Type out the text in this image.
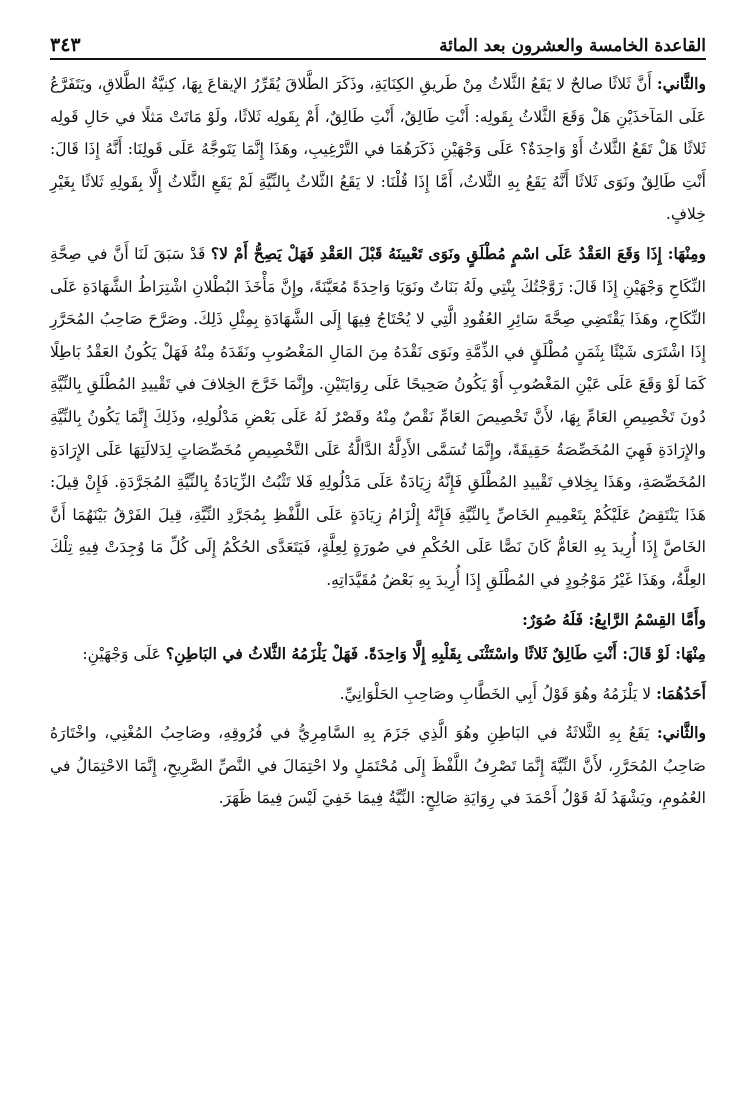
القاعدة الخامسة والعشرون بعد المائة
٣٤٣

والثَّاني: أَنَّ ثَلاثًا صالحٌ لا يَقَعُ الثَّلاثُ مِنْ طَريقِ الكِنَايَةِ، وذَكَرَ الطَّلاقَ يُقَرِّرُ الإيقاعَ بِهَا، كِنيَّةُ الطَّلاقِ، ويَتَفَرَّعُ عَلَى المَآخذَيْنِ هَلْ وَقَعَ الثَّلاثُ بِقَولِه: أَنْتِ طَالِقٌ، أَنْتِ طَالِقٌ، أَمْ بِقَولِه ثَلاثًا، ولَوْ مَاتَتْ مَثلًا في حَالِ قَولِه ثَلاثًا هَلْ تَقَعُ الثَّلاثُ أَوْ وَاحِدَةٌ؟ عَلَى وَجْهَيْنِ ذَكَرَهُمَا في التَّرْغِيبِ، وهَذَا إِنَّمَا يَتَوجَّهُ عَلَى قَولِنَا: أَنَّهُ إِذَا قَالَ: أَنْتِ طَالِقٌ ونَوَى ثَلاثًا أَنَّهُ يَقَعُ بِهِ الثَّلاثُ، أَمَّا إِذَا قُلْنَا: لا يَقَعُ الثَّلاثُ بِالنِّيَّةِ لَمْ يَقَعِ الثَّلاثُ إِلَّا بِقَولِهِ ثَلاثًا بِغَيْرِ خِلافٍ.

ومِنْهَا: إِذَا وَقَعَ العَقْدُ عَلَى اسْمٍ مُطْلَقٍ ونَوَى تَعْيينَهُ قَبْلَ العَقْدِ فَهَلْ يَصِحُّ أَمْ لا؟ قَدْ سَبَقَ لَنَا أَنَّ في صِحَّةِ النِّكَاحِ وَجْهَيْنِ إِذَا قَالَ: زَوَّجْتُكَ بِنْتِي ولَهُ بَنَاتٌ ونَوَيَا وَاحِدَةً مُعَيَّنَةً، وإِنَّ مَأْخَذَ البُطْلانِ اشْتِرَاطُ الشَّهَادَةِ عَلَى النِّكَاحِ، وهَذَا يَقْتَضِي صِحَّةَ سَائِرِ العُقُودِ الَّتِي لا يُحْتَاجُ فِيهَا إِلَى الشَّهَادَةِ بِمِثْلِ ذَلِكَ. وصَرَّحَ صَاحِبُ المُحَرَّرِ إِذَا اشْتَرَى شَيْئًا بِثَمَنٍ مُطْلَقٍ في الذِّمَّةِ ونَوَى نَقْدَهُ مِنَ المَالِ المَغْصُوبِ ونَقَدَهُ مِنْهُ فَهَلْ يَكُونُ العَقْدُ بَاطِلًا كَمَا لَوْ وَقَعَ عَلَى عَيْنِ المَغْصُوبِ أَوْ يَكُونُ صَحِيحًا عَلَى رِوَايَتَيْنِ. وإِنَّمَا خَرَّجَ الخِلافَ في تَقْييدِ المُطْلَقِ بِالنِّيَّةِ دُونَ تَخْصِيصِ العَامِّ بِهَا، لأَنَّ تَخْصِيصَ العَامِّ نَقْصٌ مِنْهُ وقَصْرٌ لَهُ عَلَى بَعْضِ مَدْلُولِهِ، وذَلِكَ إِنَّمَا يَكُونُ بِالنِّيَّةِ والإِرَادَةِ فَهِيَ المُخَصِّصَةُ حَقِيقَةً، وإِنَّمَا تُسَمَّى الأَدِلَّةُ الدَّالَّةُ عَلَى التَّخْصِيصِ مُخَصِّصَاتٍ لِدَلالَتِهَا عَلَى الإِرَادَةِ المُخَصِّصَةِ، وهَذَا بِخِلافِ تَقْييدِ المُطْلَقِ فَإِنَّهُ زِيَادَةٌ عَلَى مَدْلُولِهِ فَلا تَثْبُتُ الزِّيَادَةُ بِالنِّيَّةِ المُجَرَّدَةِ. فَإِنْ قِيلَ: هَذَا يَنْتَقِضُ عَلَيْكُمْ بِتَعْمِيمِ الخَاصِّ بِالنِّيَّةِ فَإِنَّهُ إِلْزَامُ زِيَادَةٍ عَلَى اللَّفْظِ بِمُجَرَّدِ النِّيَّةِ، قِيلَ الفَرْقُ بَيْنَهُمَا أَنَّ الخَاصَّ إِذَا أُرِيدَ بِهِ العَامُّ كَانَ نَصًّا عَلَى الحُكْمِ في صُورَةٍ لِعِلَّةٍ، فَيَتَعَدَّى الحُكْمُ إِلَى كُلِّ مَا وُجِدَتْ فِيهِ تِلْكَ العِلَّةُ، وهَذَا غَيْرُ مَوْجُودٍ في المُطْلَقِ إِذَا أُرِيدَ بِهِ بَعْضُ مُقَيَّدَاتِهِ.

وأَمَّا القِسْمُ الرَّابِعُ: فَلَهُ صُوَرٌ:

مِنْهَا: لَوْ قَالَ: أَنْتِ طَالِقٌ ثَلاثًا واسْتَثْنَى بِقَلْبِهِ إِلَّا وَاحِدَةً. فَهَلْ يَلْزَمُهُ الثَّلاثُ في البَاطِنِ؟ عَلَى وَجْهَيْنِ:

أَحَدُهُمَا: لا يَلْزَمُهُ وهُوَ قَوْلُ أَبِي الخَطَّابِ وصَاحِبِ الحَلْوَانِيِّ.

والثَّاني: يَقَعُ بِهِ الثَّلاثَةُ في البَاطِنِ وهُوَ الَّذِي جَزَمَ بِهِ السَّامِرِيُّ في فُرُوقِهِ، وصَاحِبُ المُغْنِي، واخْتَارَهُ صَاحِبُ المُحَرَّرِ، لأَنَّ النِّيَّةَ إِنَّمَا تَصْرِفُ اللَّفْظَ إِلَى مُحْتَمَلٍ ولا احْتِمَالَ في النَّصِّ الصَّرِيحِ، إِنَّمَا الاحْتِمَالُ في العُمُومِ، ويَشْهَدُ لَهُ قَوْلُ أَحْمَدَ في رِوَايَةِ صَالِحٍ: النِّيَّةُ فِيمَا خَفِيَ لَيْسَ فِيمَا ظَهَرَ.
